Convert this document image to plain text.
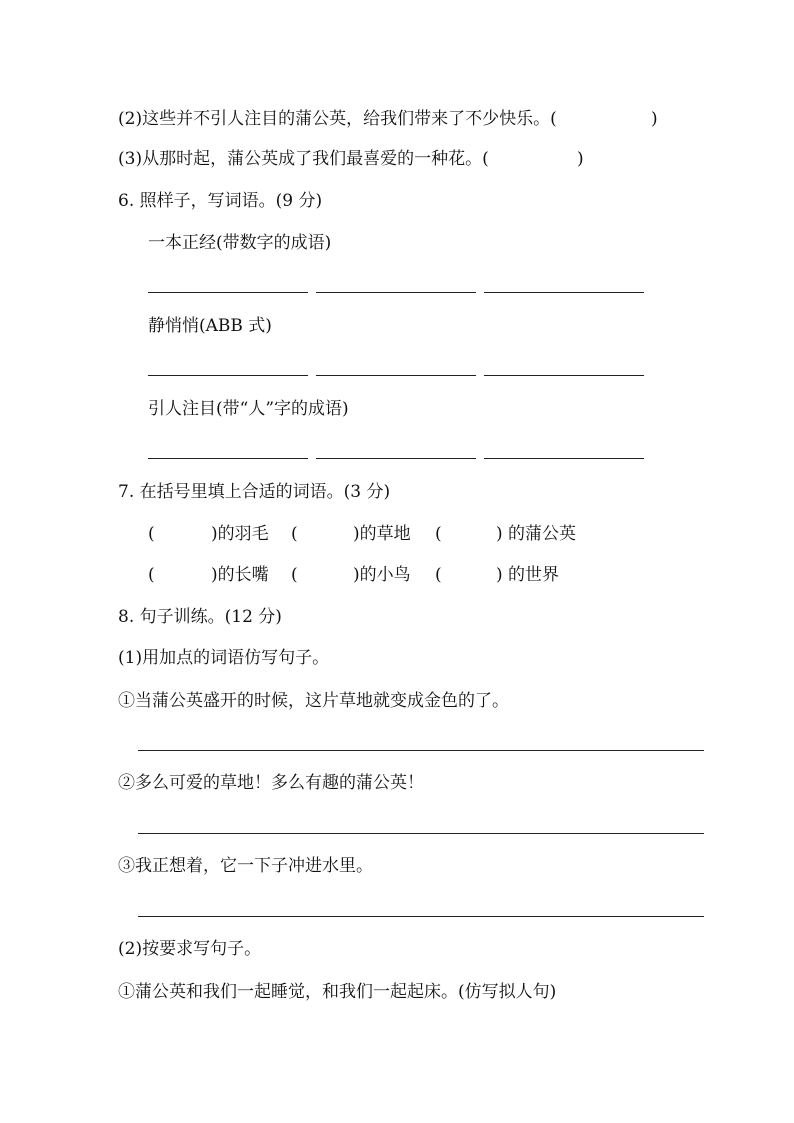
(2)这些并不引人注目的蒲公英，给我们带来了不少快乐。(	)
(3)从那时起，蒲公英成了我们最喜爱的一种花。(	)
6. 照样子，写词语。(9 分)
一本正经(带数字的成语)
静悄悄(ABB 式)
引人注目(带“人”字的成语)
7. 在括号里填上合适的词语。(3 分)
(	)的羽毛 (	)的草地 (	) 的蒲公英
(	)的长嘴 (	)的小鸟 (	) 的世界
8. 句子训练。(12 分)
(1)用加点的词语仿写句子。
①当蒲公英盛开的时候，这片草地就变成金色的了。
②多么可爱的草地！多么有趣的蒲公英！
③我正想着，它一下子冲进水里。
(2)按要求写句子。
①蒲公英和我们一起睡觉，和我们一起起床。(仿写拟人句)
